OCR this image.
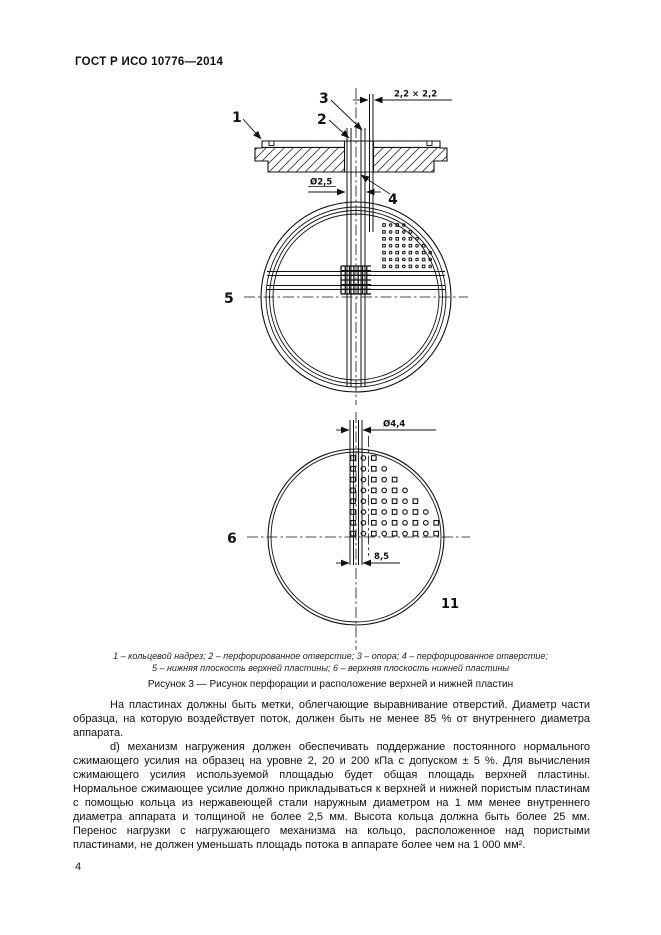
ГОСТ Р ИСО 10776—2014
2,2 × 2,2
Ø2,5
1	2
3
4
5
Ø4,4
8,5
6
11
1 – кольцевой надрез; 2 – перфорированное отверстие; 3 – опора; 4 – перфорированное отверстие;
5 – нижняя плоскость верхней пластины; 6 – верхняя плоскость нижней пластины
Рисунок 3 — Рисунок перфорации и расположение верхней и нижней пластин

На пластинах должны быть метки, облегчающие выравнивание отверстий. Диаметр части образца, на которую воздействует поток, должен быть не менее 85 % от внутреннего диаметра аппарата.

d) механизм нагружения должен обеспечивать поддержание постоянного нормального сжимающего усилия на образец на уровне 2, 20 и 200 кПа с допуском ± 5 %. Для вычисления сжимающего усилия используемой площадью будет общая площадь верхней пластины. Нормальное сжимающее усилие должно прикладываться к верхней и нижней пористым пластинам с помощью кольца из нержавеющей стали наружным диаметром на 1 мм менее внутреннего диаметра аппарата и толщиной не более 2,5 мм. Высота кольца должна быть более 25 мм. Перенос нагрузки с нагружающего механизма на кольцо, расположенное над пористыми пластинами, не должен уменьшать площадь потока в аппарате более чем на 1 000 мм².

4
